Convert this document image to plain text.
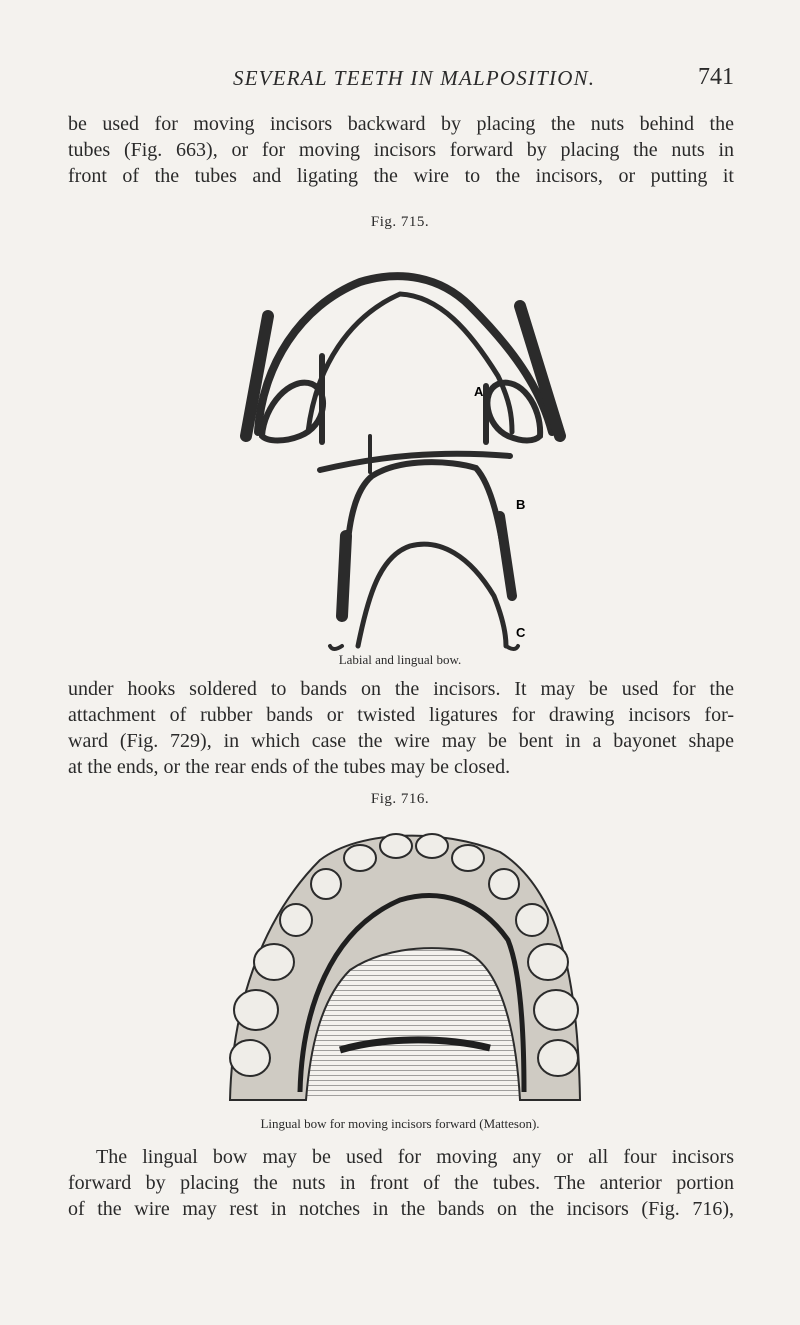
SEVERAL TEETH IN MALPOSITION.	741

be used for moving incisors backward by placing the nuts behind the
tubes (Fig. 663), or for moving incisors forward by placing the nuts in
front of the tubes and ligating the wire to the incisors, or putting it

Fig. 715.
A
B
C
Labial and lingual bow.

under hooks soldered to bands on the incisors. It may be used for the
attachment of rubber bands or twisted ligatures for drawing incisors for-
ward (Fig. 729), in which case the wire may be bent in a bayonet shape
at the ends, or the rear ends of the tubes may be closed.

Fig. 716.
Lingual bow for moving incisors forward (Matteson).

The lingual bow may be used for moving any or all four incisors
forward by placing the nuts in front of the tubes. The anterior portion
of the wire may rest in notches in the bands on the incisors (Fig. 716),
